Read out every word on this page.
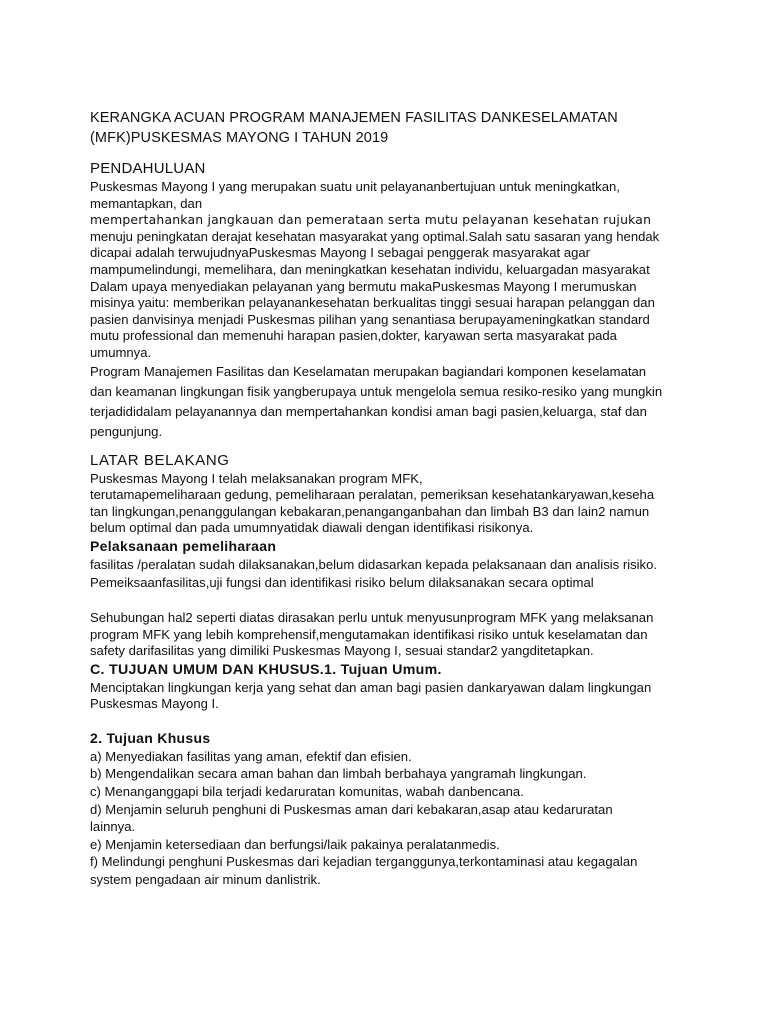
KERANGKA ACUAN PROGRAM MANAJEMEN FASILITAS DANKESELAMATAN
(MFK)PUSKESMAS MAYONG I TAHUN 2019
PENDAHULUAN
Puskesmas Mayong I yang merupakan suatu unit pelayananbertujuan untuk meningkatkan,
memantapkan, dan
mempertahankan jangkauan dan pemerataan serta mutu pelayanan kesehatan rujukan
menuju peningkatan derajat kesehatan masyarakat yang optimal.Salah satu sasaran yang hendak
dicapai adalah terwujudnyaPuskesmas Mayong I sebagai penggerak masyarakat agar
mampumelindungi, memelihara, dan meningkatkan kesehatan individu, keluargadan masyarakat
Dalam upaya menyediakan pelayanan yang bermutu makaPuskesmas Mayong I merumuskan
misinya yaitu: memberikan pelayanankesehatan berkualitas tinggi sesuai harapan pelanggan dan
pasien danvisinya menjadi Puskesmas pilihan yang senantiasa berupayameningkatkan standard
mutu professional dan memenuhi harapan pasien,dokter, karyawan serta masyarakat pada
umumnya.
Program Manajemen Fasilitas dan Keselamatan merupakan bagiandari komponen keselamatan
dan keamanan lingkungan fisik yangberupaya untuk mengelola semua resiko-resiko yang mungkin
terjadididalam pelayanannya dan mempertahankan kondisi aman bagi pasien,keluarga, staf dan
pengunjung.
LATAR BELAKANG
Puskesmas Mayong I telah melaksanakan program MFK,
terutamapemeliharaan gedung, pemeliharaan peralatan, pemeriksan kesehatankaryawan,keseha
tan lingkungan,penanggulangan kebakaran,penanganganbahan dan limbah B3 dan lain2 namun
belum optimal dan pada umumnyatidak diawali dengan identifikasi risikonya.
Pelaksanaan pemeliharaan
fasilitas /peralatan sudah dilaksanakan,belum didasarkan kepada pelaksanaan dan analisis risiko.
Pemeiksaanfasilitas,uji fungsi dan identifikasi risiko belum dilaksanakan secara optimal
Sehubungan hal2 seperti diatas dirasakan perlu untuk menyusunprogram MFK yang melaksanan
program MFK yang lebih komprehensif,mengutamakan identifikasi risiko untuk keselamatan dan
safety darifasilitas yang dimiliki Puskesmas Mayong I, sesuai standar2 yangditetapkan.
C. TUJUAN UMUM DAN KHUSUS.1. Tujuan Umum.
Menciptakan lingkungan kerja yang sehat dan aman bagi pasien dankaryawan dalam lingkungan
Puskesmas Mayong I.
2. Tujuan Khusus
a) Menyediakan fasilitas yang aman, efektif dan efisien.
b) Mengendalikan secara aman bahan dan limbah berbahaya yangramah lingkungan.
c) Menanganggapi bila terjadi kedaruratan komunitas, wabah danbencana.
d) Menjamin seluruh penghuni di Puskesmas aman dari kebakaran,asap atau kedaruratan
lainnya.
e) Menjamin ketersediaan dan berfungsi/laik pakainya peralatanmedis.
f) Melindungi penghuni Puskesmas dari kejadian terganggunya,terkontaminasi atau kegagalan
system pengadaan air minum danlistrik.
